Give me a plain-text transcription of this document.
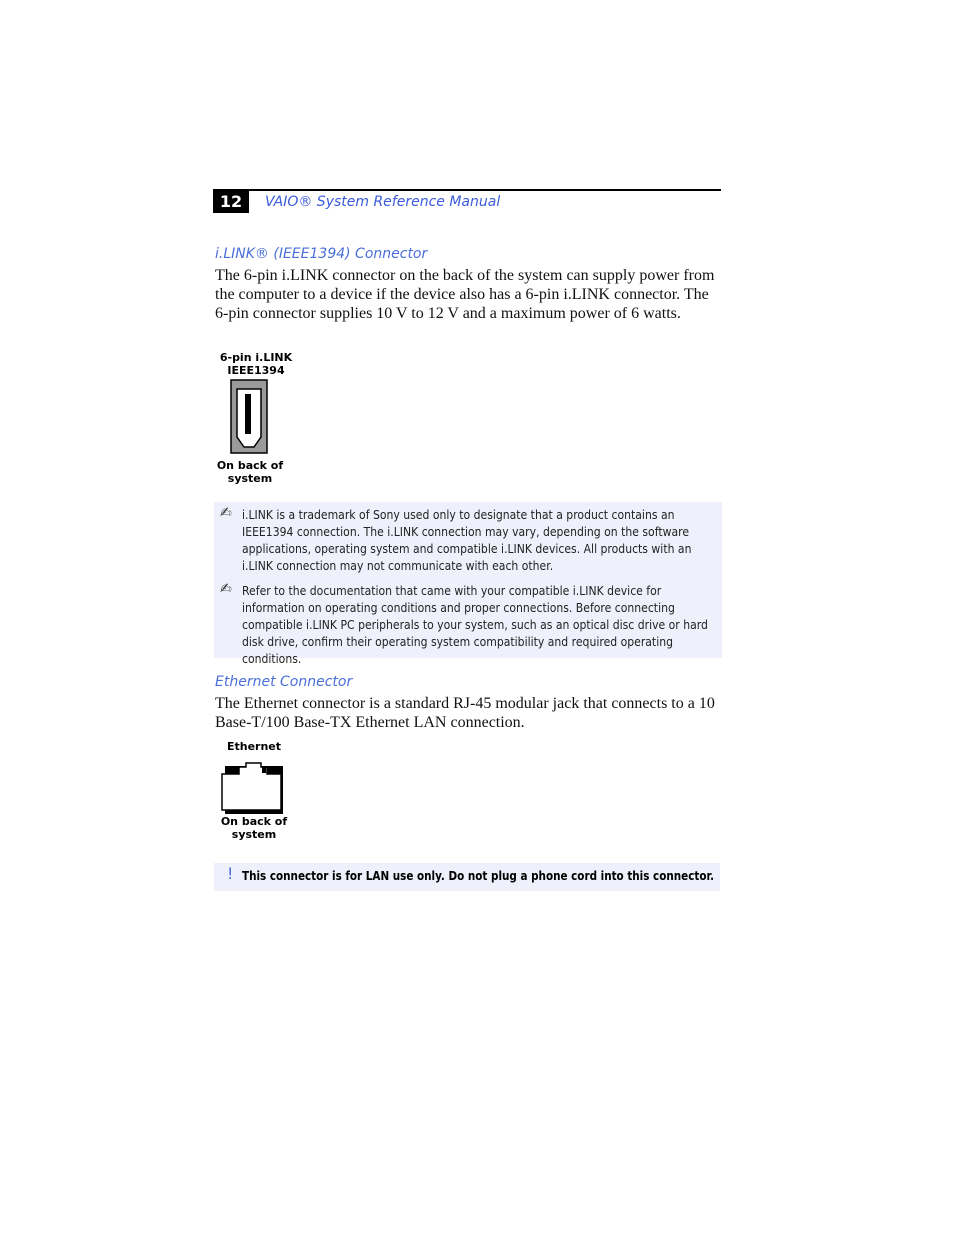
12	VAIO® System Reference Manual
i.LINK® (IEEE1394) Connector
The 6-pin i.LINK connector on the back of the system can supply power from the computer to a device if the device also has a 6-pin i.LINK connector. The 6-pin connector supplies 10 V to 12 V and a maximum power of 6 watts.
6-pin i.LINK
IEEE1394
On back of
system
✍ i.LINK is a trademark of Sony used only to designate that a product contains an IEEE1394 connection. The i.LINK connection may vary, depending on the software applications, operating system and compatible i.LINK devices. All products with an i.LINK connection may not communicate with each other.
✍ Refer to the documentation that came with your compatible i.LINK device for information on operating conditions and proper connections. Before connecting compatible i.LINK PC peripherals to your system, such as an optical disc drive or hard disk drive, confirm their operating system compatibility and required operating conditions.
Ethernet Connector
The Ethernet connector is a standard RJ-45 modular jack that connects to a 10 Base-T/100 Base-TX Ethernet LAN connection.
Ethernet
On back of
system
! This connector is for LAN use only. Do not plug a phone cord into this connector.
